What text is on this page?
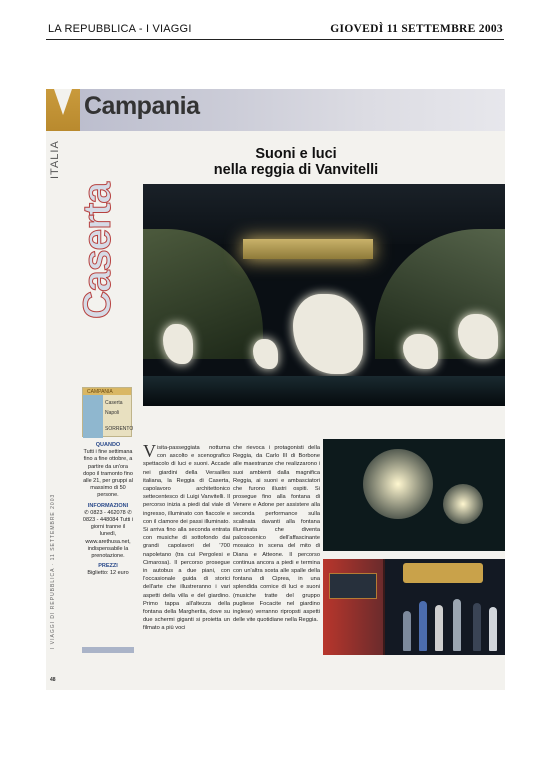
LA REPUBBLICA - I VIAGGI	GIOVEDÌ 11 SETTEMBRE 2003
Campania
ITALIA	Suoni e luci
nella reggia di Vanvitelli
Caserta
CAMPANIA
Caserta
Napoli
SORRENTO
QUANDO
Tutti i fine settimana fino a fine ottobre, a partire da un'ora dopo il tramonto fino alle 21, per gruppi al massimo di 50 persone.
INFORMAZIONI
✆ 0823 - 462078 ✆ 0823 - 448084 Tutti i giorni tranne il lunedì, www.arethusa.net, indispensabile la prenotazione.
PREZZI
Biglietto: 12 euro
I VIAGGI DI REPUBBLICA · 11 SETTEMBRE 2003
Visita-passeggiata notturna con ascolto e scenografico spettacolo di luci e suoni. Accade nei giardini della Versailles italiana, la Reggia di Caserta, capolavoro architettonico settecentesco di Luigi Vanvitelli. Il percorso inizia a piedi dal viale di ingresso, illuminato con fiaccole e con il clamore dei passi illuminato. Si arriva fino alla seconda entrata con musiche di sottofondo dai grandi capolavori del '700 napoletano (tra cui Pergolesi e Cimarosa). Il percorso prosegue in autobus a due piani, con l'occasionale guida di storici dell'arte che illustreranno i vari aspetti della villa e del giardino. Primo tappa all'altezza della fontana della Margherita, dove su due schermi giganti si proietta un filmato a più voci
che rievoca i protagonisti della Reggia, da Carlo III di Borbone alle maestranze che realizzarono i suoi ambienti dalla magnifica Reggia, ai suoni e ambasciatori che furono illustri ospiti. Si prosegue fino alla fontana di Venere e Adone per assistere alla seconda performance sulla scalinata davanti alla fontana illuminata che diventa palcoscenico dell'affascinante mosaico in scena del mito di Diana e Atteone. Il percorso continua ancora a piedi e termina con un'altra sosta alle spalle della fontana di Ciprea, in una splendida cornice di luci e suoni (musiche tratte del gruppo pugliese Focacite nel giardino inglese) verranno ripropsti aspetti delle vite quotidiane nella Reggia.
48
